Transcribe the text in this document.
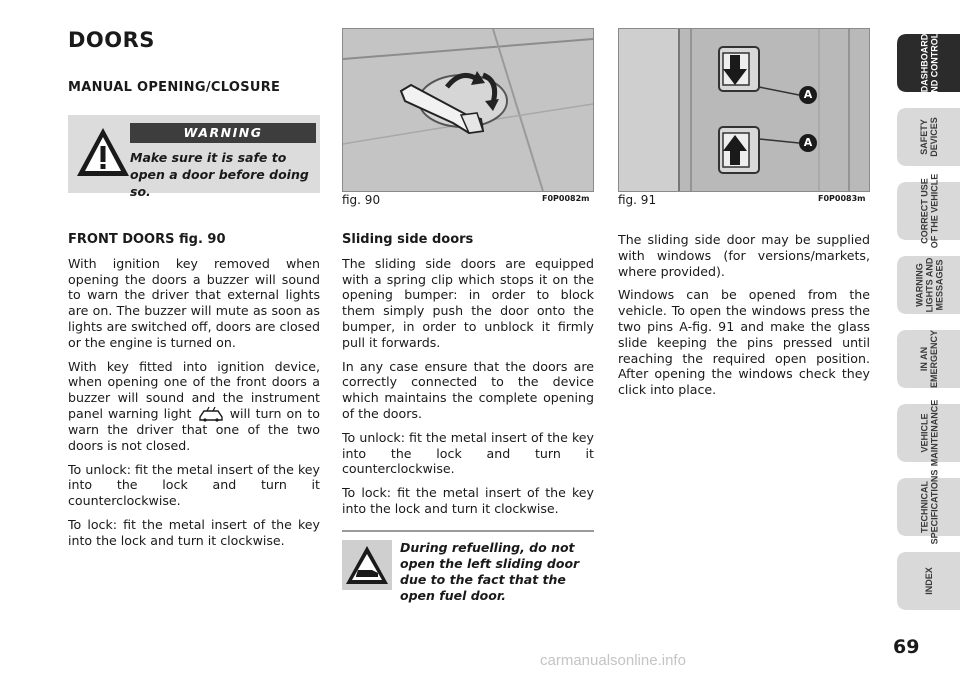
DOORS
MANUAL OPENING/CLOSURE
WARNING
Make sure it is safe to open a door before doing so.
fig. 90	F0P0082m
A
A
fig. 91	F0P0083m

FRONT DOORS fig. 90

With ignition key removed when opening the doors a buzzer will sound to warn the driver that external lights are on. The buzzer will mute as soon as lights are switched off, doors are closed or the engine is turned on.

With key fitted into ignition device, when opening one of the front doors a buzzer will sound and the instrument panel warning light	will turn on to warn the driver that one of the two doors is not closed.

To unlock: fit the metal insert of the key into the lock and turn it counterclockwise.

To lock: fit the metal insert of the key into the lock and turn it clockwise.

Sliding side doors

The sliding side doors are equipped with a spring clip which stops it on the opening bumper: in order to block them simply push the door onto the bumper, in order to unblock it firmly pull it forwards.

In any case ensure that the doors are correctly connected to the device which maintains the complete opening of the doors.

To unlock: fit the metal insert of the key into the lock and turn it counterclockwise.

To lock: fit the metal insert of the key into the lock and turn it clockwise.

The sliding side door may be supplied with windows (for versions/markets, where provided).

Windows can be opened from the vehicle. To open the windows press the two pins A-fig. 91 and make the glass slide keeping the pins pressed until reaching the required open position. After opening the windows check they click into place.

During refuelling, do not open the left sliding door due to the fact that the open fuel door.
DASHBOARD
AND CONTROLS
SAFETY
DEVICES
CORRECT USE
OF THE VEHICLE
WARNING
LIGHTS AND
MESSAGES
IN AN
EMERGENCY
VEHICLE
MAINTENANCE
TECHNICAL
SPECIFICATIONS
INDEX
69
carmanualsonline.info
